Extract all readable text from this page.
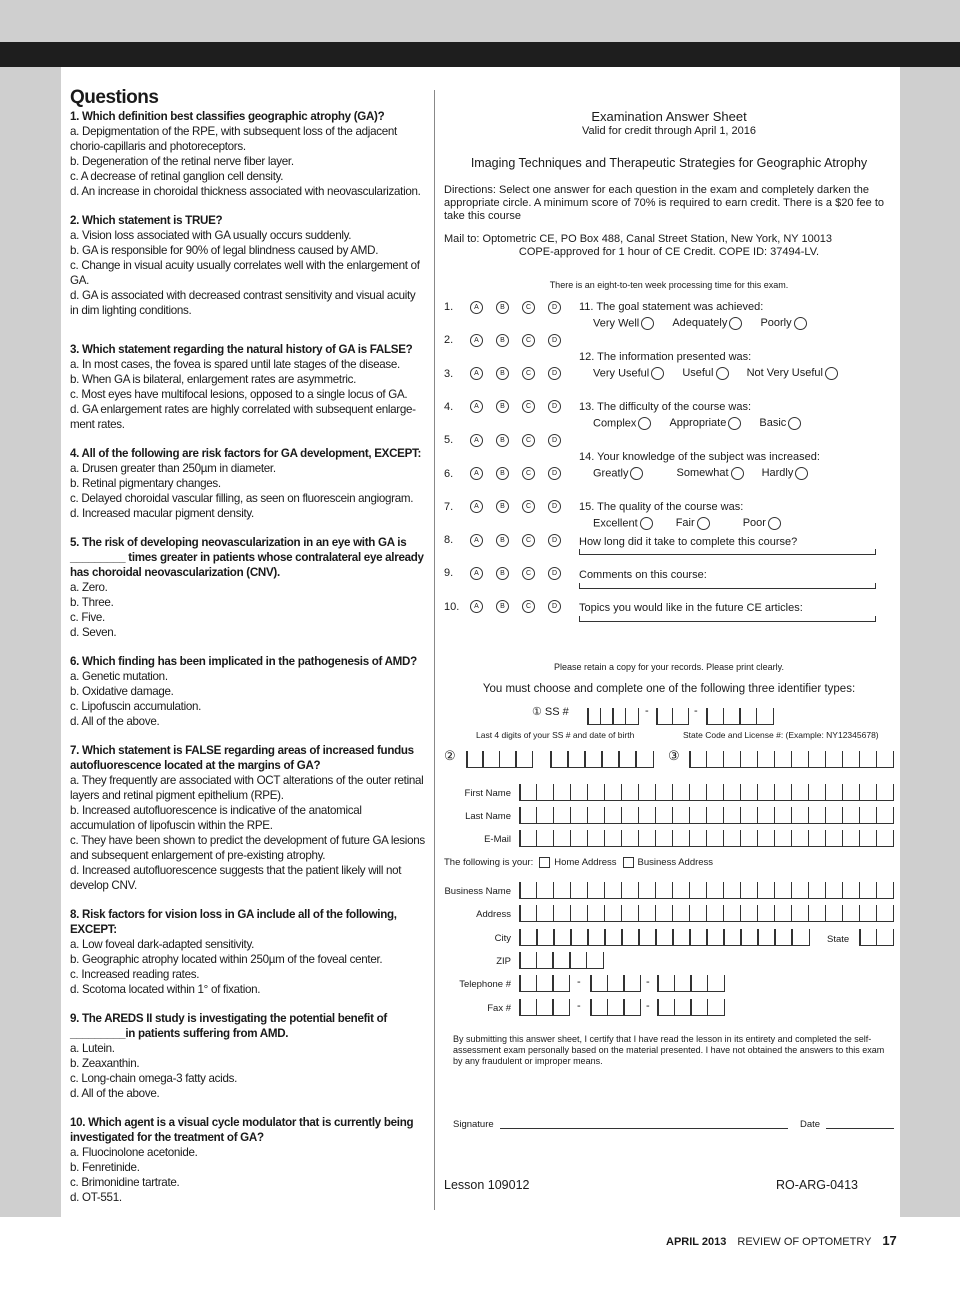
Questions
1. Which definition best classifies geographic atrophy (GA)?
a. Depigmentation of the RPE, with subsequent loss of the adjacent chorio-capillaris and photoreceptors.
b. Degeneration of the retinal nerve fiber layer.
c. A decrease of retinal ganglion cell density.
d. An increase in choroidal thickness associated with neovascularization.
2. Which statement is TRUE?
a. Vision loss associated with GA usually occurs suddenly.
b. GA is responsible for 90% of legal blindness caused by AMD.
c. Change in visual acuity usually correlates well with the enlargement of GA.
d. GA is associated with decreased contrast sensitivity and visual acuity in dim lighting conditions.
3. Which statement regarding the natural history of GA is FALSE?
a. In most cases, the fovea is spared until late stages of the disease.
b. When GA is bilateral, enlargement rates are asymmetric.
c. Most eyes have multifocal lesions, opposed to a single locus of GA.
d. GA enlargement rates are highly correlated with subsequent enlarge-ment rates.
4. All of the following are risk factors for GA development, EXCEPT:
a. Drusen greater than 250µm in diameter.
b. Retinal pigmentary changes.
c. Delayed choroidal vascular filling, as seen on fluorescein angiogram.
d. Increased macular pigment density.
5. The risk of developing neovascularization in an eye with GA is _________ times greater in patients whose contralateral eye already has choroidal neovascularization (CNV).
a. Zero.
b. Three.
c. Five.
d. Seven.
6. Which finding has been implicated in the pathogenesis of AMD?
a. Genetic mutation.
b. Oxidative damage.
c. Lipofuscin accumulation.
d. All of the above.
7. Which statement is FALSE regarding areas of increased fundus autofluorescence located at the margins of GA?
a. They frequently are associated with OCT alterations of the outer retinal layers and retinal pigment epithelium (RPE).
b. Increased autofluorescence is indicative of the anatomical accumulation of lipofuscin within the RPE.
c. They have been shown to predict the development of future GA lesions and subsequent enlargement of pre-existing atrophy.
d. Increased autofluorescence suggests that the patient likely will not develop CNV.
8. Risk factors for vision loss in GA include all of the following, EXCEPT:
a. Low foveal dark-adapted sensitivity.
b. Geographic atrophy located within 250µm of the foveal center.
c. Increased reading rates.
d. Scotoma located within 1° of fixation.
9. The AREDS II study is investigating the potential benefit of _________in patients suffering from AMD.
a. Lutein.
b. Zeaxanthin.
c. Long-chain omega-3 fatty acids.
d. All of the above.
10. Which agent is a visual cycle modulator that is currently being investigated for the treatment of GA?
a. Fluocinolone acetonide.
b. Fenretinide.
c. Brimonidine tartrate.
d. OT-551.
Examination Answer Sheet
Valid for credit through April 1, 2016
Imaging Techniques and Therapeutic Strategies for Geographic Atrophy
Directions: Select one answer for each question in the exam and completely darken the appropriate circle. A minimum score of 70% is required to earn credit. There is a $20 fee to take this course
Mail to: Optometric CE, PO Box 488, Canal Street Station, New York, NY 10013
COPE-approved for 1 hour of CE Credit. COPE ID: 37494-LV.
There is an eight-to-ten week processing time for this exam.
1.	A	B	C	D
2.	A	B	C	D
3.	A	B	C	D
4.	A	B	C	D
5.	A	B	C	D
6.	A	B	C	D
7.	A	B	C	D
8.	A	B	C	D
9.	A	B	C	D
10. A	B	C	D
11. The goal statement was achieved:
Very Well	Adequately	Poorly
12. The information presented was:
Very Useful	Useful	Not Very Useful
13. The difficulty of the course was:
Complex	Appropriate	Basic
14. Your knowledge of the subject was increased:
Greatly	Somewhat	Hardly
15. The quality of the course was:
Excellent	Fair	Poor
How long did it take to complete this course?
Comments on this course:
Topics you would like in the future CE articles:
Please retain a copy for your records. Please print clearly.
You must choose and complete one of the following three identifier types:
① SS #	-	-
Last 4 digits of your SS # and date of birth	State Code and License #: (Example: NY12345678)
②	③
First Name
Last Name
E-Mail
The following is your: Home Address Business Address
Business Name
Address
City	State
ZIP
Telephone #	-	-
Fax #	-	-
By submitting this answer sheet, I certify that I have read the lesson in its entirety and completed the self-assessment exam personally based on the material presented. I have not obtained the answers to this exam by any fraudulent or improper means.
Signature	Date
Lesson 109012	RO-ARG-0413
APRIL 2013 REVIEW OF OPTOMETRY 17
